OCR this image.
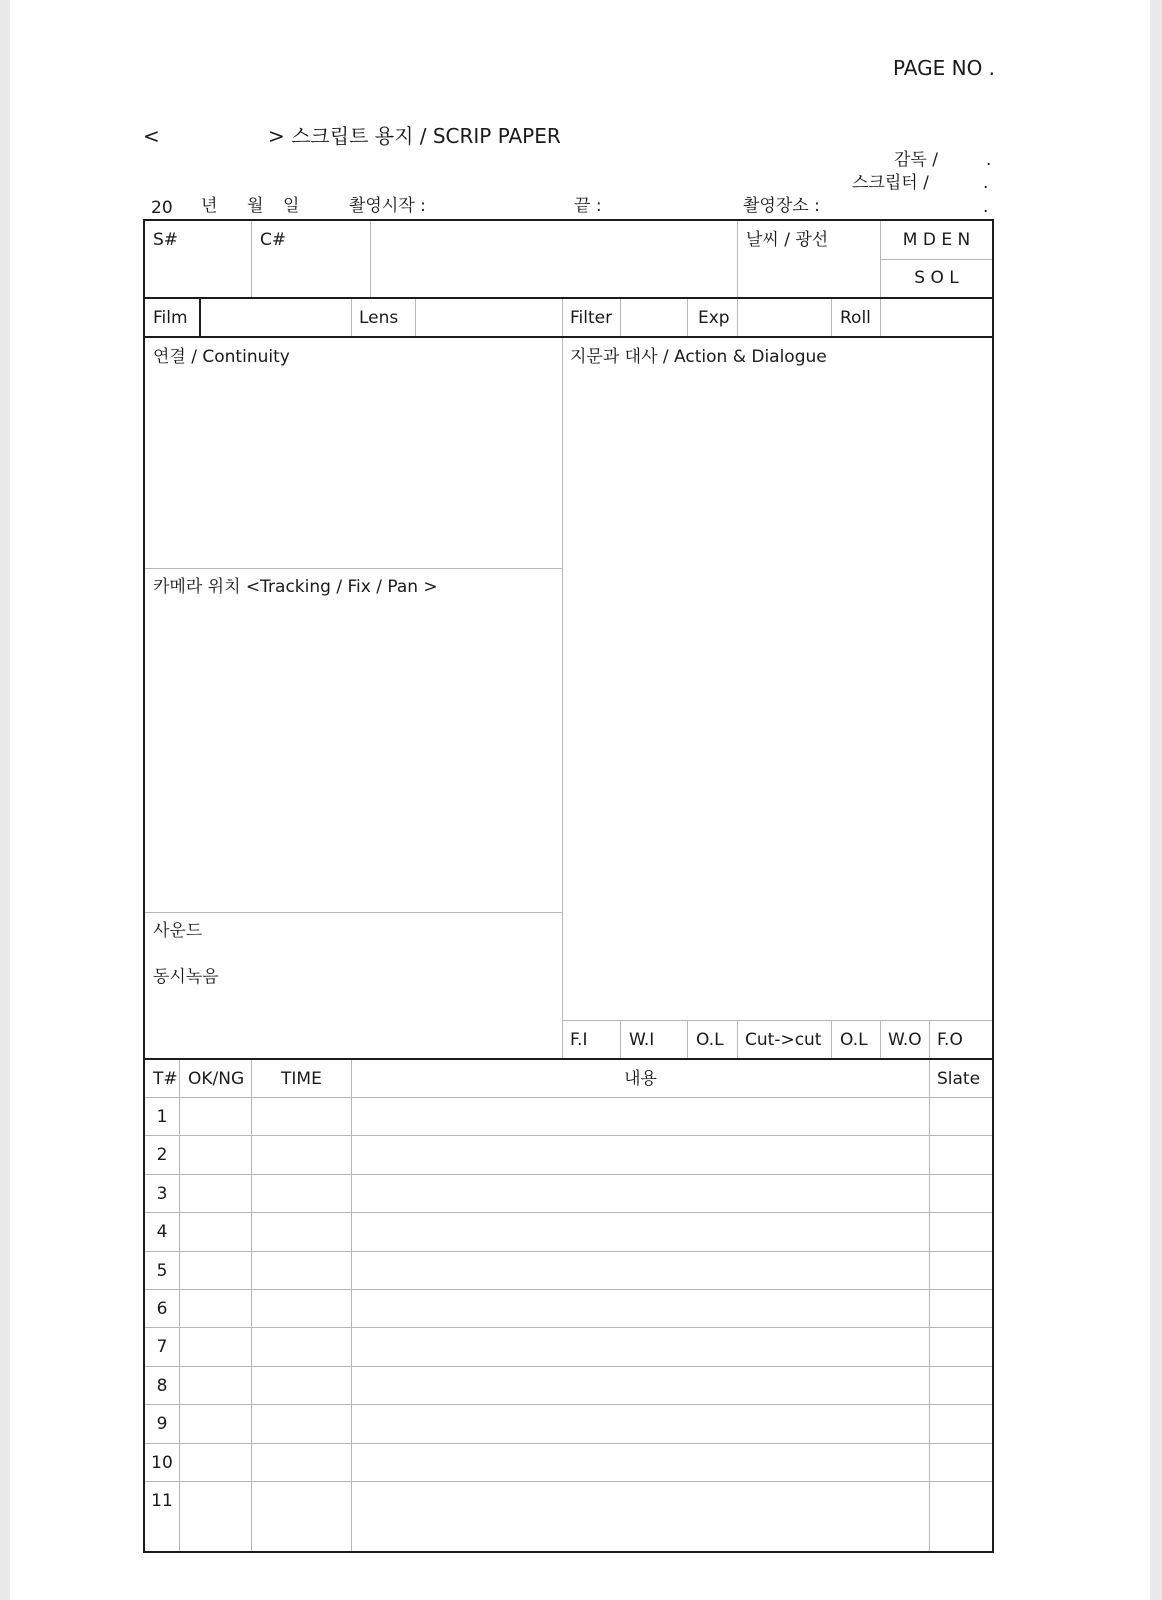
PAGE NO .
<	> 스크립트 용지 / SCRIP PAPER
감독 /
스크립터 /
.
.
.
20 년 월 일	촬영시작 :	끝 :	촬영장소 :
S#	C#	날씨 / 광선	M D E N
S O L
Film	Lens	Filter	Exp	Roll
연결 / Continuity	지문과 대사 / Action & Dialogue
카메라 위치 <Tracking / Fix / Pan >
사운드
동시녹음
F.I W.I O.L Cut->cut O.L W.O F.O
T# OK/NG TIME	내용	Slate
1
2
3
4
5
6
7
8
9
10
11
